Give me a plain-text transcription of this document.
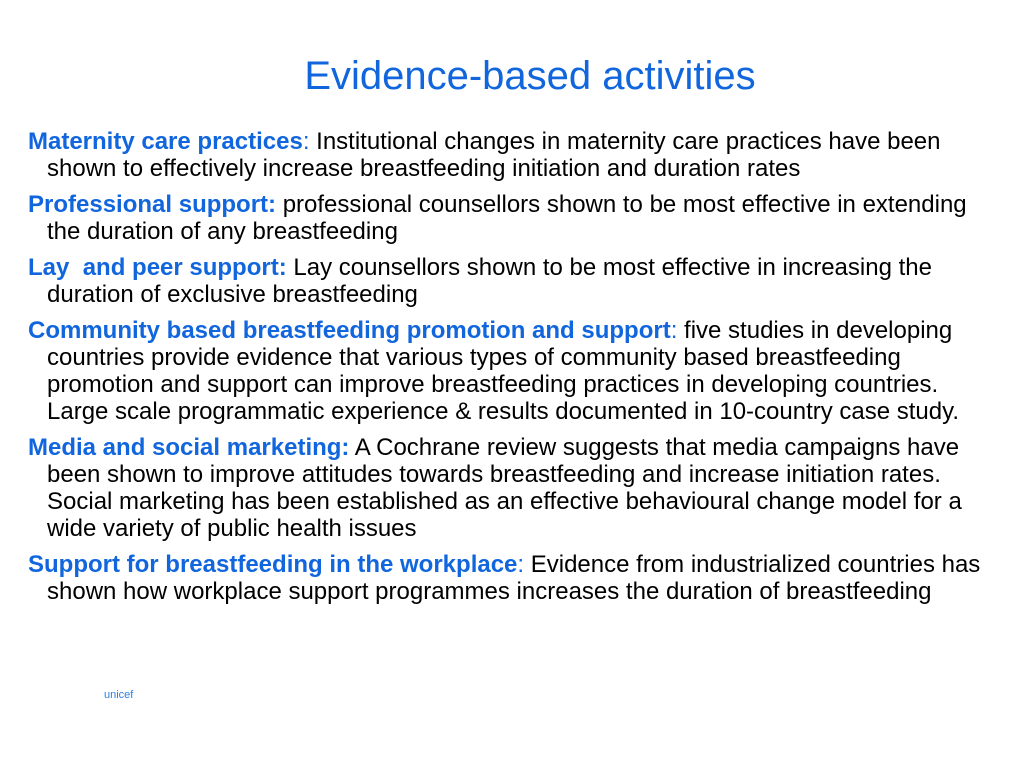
Evidence-based activities
Maternity care practices: Institutional changes in maternity care practices have been shown to effectively increase breastfeeding initiation and duration rates
Professional support: professional counsellors shown to be most effective in extending the duration of any breastfeeding
Lay  and peer support: Lay counsellors shown to be most effective in increasing the duration of exclusive breastfeeding
Community based breastfeeding promotion and support: five studies in developing countries provide evidence that various types of community based breastfeeding promotion and support can improve breastfeeding practices in developing countries. Large scale programmatic experience & results documented in 10-country case study.
Media and social marketing: A Cochrane review suggests that media campaigns have been shown to improve attitudes towards breastfeeding and increase initiation rates. Social marketing has been established as an effective behavioural change model for a wide variety of public health issues
Support for breastfeeding in the workplace: Evidence from industrialized countries has shown how workplace support programmes increases the duration of breastfeeding
unicef
